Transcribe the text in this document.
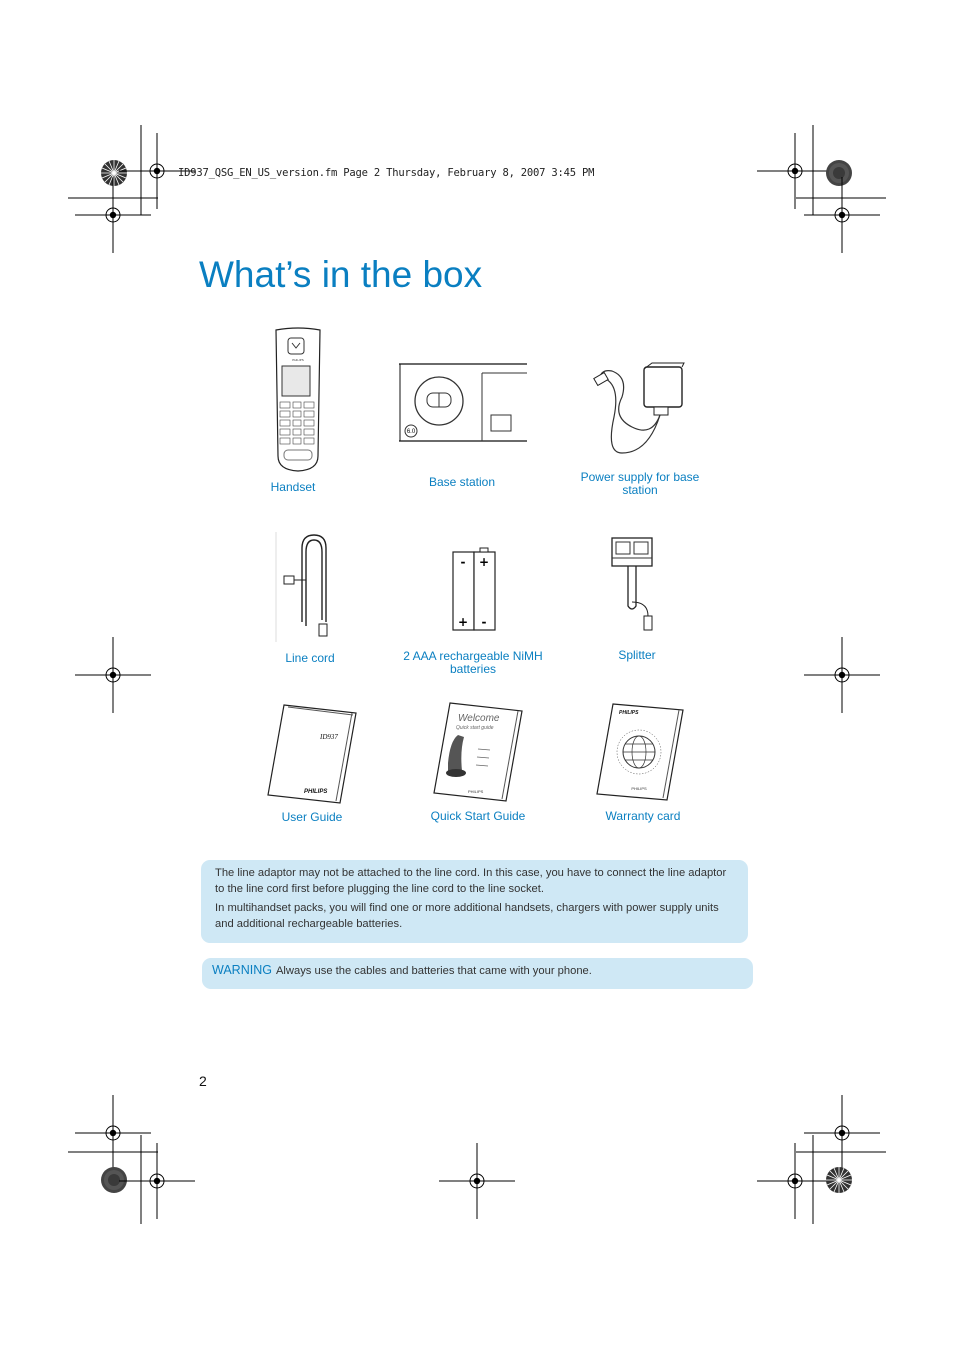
ID937_QSG_EN_US_version.fm Page 2 Thursday, February 8, 2007 3:45 PM
What’s in the box
PHILIPS
Handset
6.0
Base station	Power supply for base station
Line cord
- +
+ -
2 AAA rechargeable NiMH batteries
Splitter
ID937
PHILIPS
User Guide
Welcome
Quick start guide
PHILIPS
Quick Start Guide
PHILIPS
PHILIPS
Warranty card

The line adaptor may not be attached to the line cord. In this case, you have to connect the line adaptor to the line cord first before plugging the line cord to the line socket.

In multihandset packs, you will find one or more additional handsets, chargers with power supply units and additional rechargeable batteries.

WARNING Always use the cables and batteries that came with your phone.
2
